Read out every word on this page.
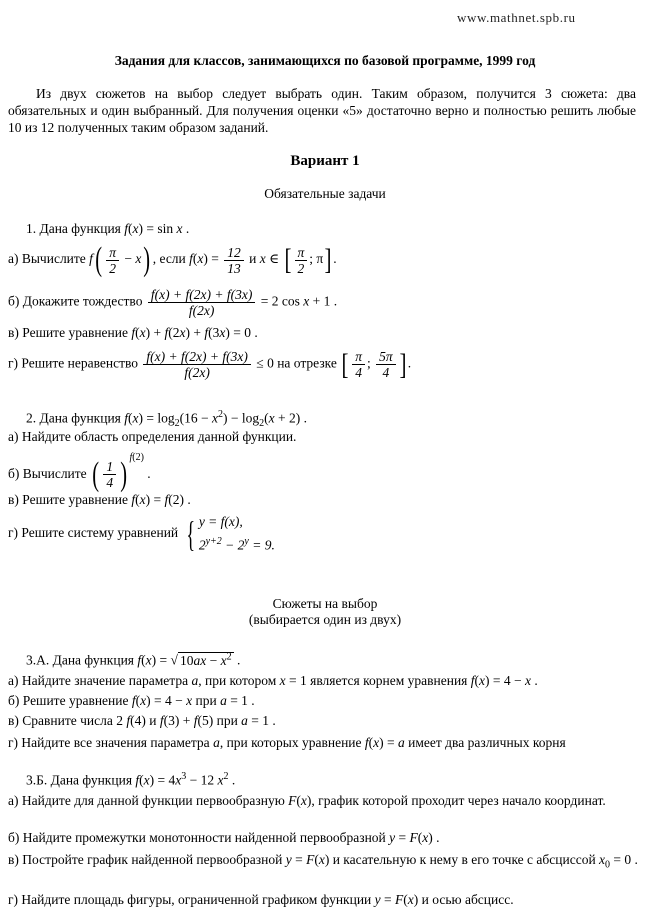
www.mathnet.spb.ru
Задания для классов, занимающихся по базовой программе, 1999 год
Из двух сюжетов на выбор следует выбрать один. Таким образом, получится 3 сюжета: два обязательных и один выбранный. Для получения оценки «5» достаточно верно и полностью решить любые 10 из 12 полученных таким образом заданий.
Вариант 1
Обязательные задачи
1. Дана функция f(x) = sin x .
а) Вычислите $f( \frac{\pi}{2} - x)$ , если $f(x) = \frac{12}{13}$ и x ∈ [ $\frac{\pi}{2}$ ; π] .
б) Докажите тождество $\frac{f(x) + f(2x) + f(3x)}{f(2x)} = 2$ cos x + 1 .
в) Решите уравнение f(x) + f(2x) + f(3x) = 0 .
г) Решите неравенство $\frac{f(x) + f(2x) + f(3x)}{f(2x)} \le 0$ на отрезке [ $\frac{\pi}{4}$ ; $\frac{5\pi}{4}$ ] .
2. Дана функция $f(x) = \log_2(16 - x^2) - \log_2(x + 2)$ .
а) Найдите область определения данной функции.
б) Вычислите ( $\frac{1}{4}$ ) $^{f(2)}$ .
в) Решите уравнение f(x) = f(2) .
г) Решите систему уравнений { y = f(x),
$2^{y+2} - 2^y = 9$.
Сюжеты на выбор
(выбирается один из двух)
3.А. Дана функция f(x) = √ $10ax - x^2$ .
а) Найдите значение параметра a, при котором x = 1 является корнем уравнения f(x) = 4 − x .
б) Решите уравнение f(x) = 4 − x при a = 1 .
в) Сравните числа 2 f(4) и f(3) + f(5) при a = 1 .
г) Найдите все значения параметра a, при которых уравнение f(x) = a имеет два различных корня
3.Б. Дана функция $f(x) = 4x^3 - 12$ $x^2$ .
а) Найдите для данной функции первообразную F(x), график которой проходит через начало координат.
б) Найдите промежутки монотонности найденной первообразной y = F(x) .
в) Постройте график найденной первообразной y = F(x) и касательную к нему в его точке с абсциссой $x_0 = 0$ .
г) Найдите площадь фигуры, ограниченной графиком функции y = F(x) и осью абсцисс.
